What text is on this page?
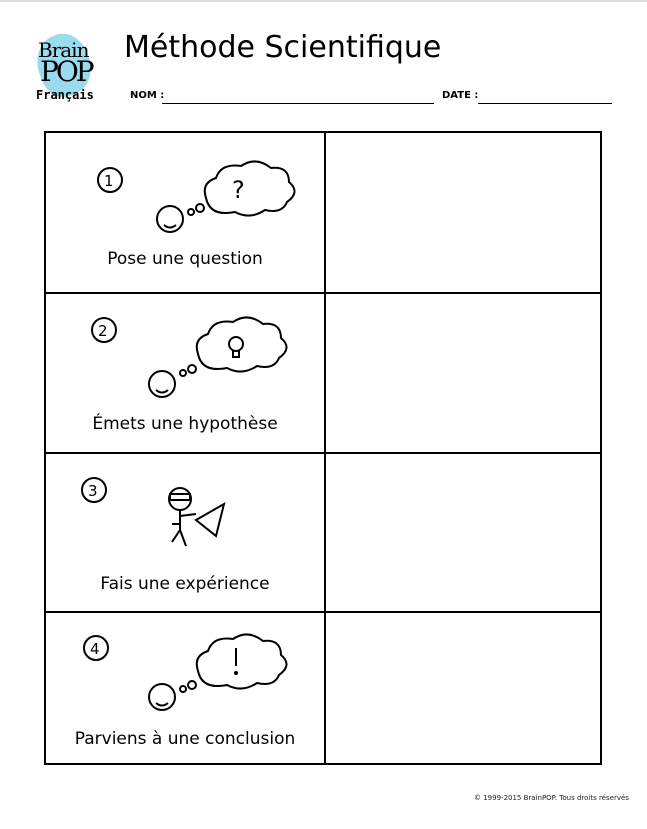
Brain
POP
Français
Méthode Scientifique
NOM :	DATE :
1 ?
Pose une question	

2
Émets une hypothèse	

3
Fais une expérience	

4
Parviens à une conclusion	

© 1999-2015 BrainPOP. Tous droits réservés
